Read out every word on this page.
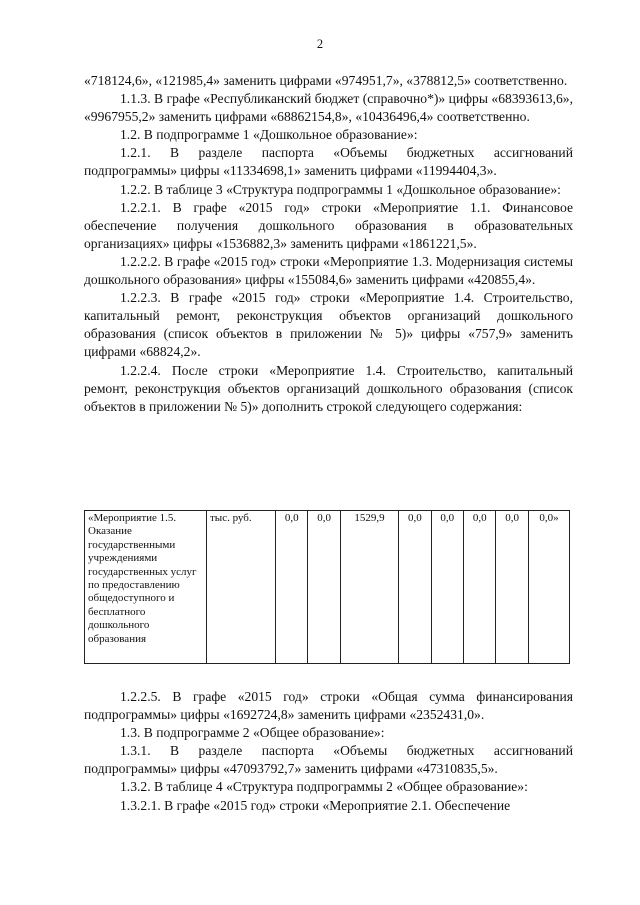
2

«718124,6», «121985,4» заменить цифрами «974951,7», «378812,5» соответственно.

1.1.3. В графе «Республиканский бюджет (справочно*)» цифры «68393613,6», «9967955,2» заменить цифрами «68862154,8», «10436496,4» соответственно.

1.2. В подпрограмме 1 «Дошкольное образование»:

1.2.1. В разделе паспорта «Объемы бюджетных ассигнований подпрограммы» цифры «11334698,1» заменить цифрами «11994404,3».

1.2.2. В таблице 3 «Структура подпрограммы 1 «Дошкольное образование»:

1.2.2.1. В графе «2015 год» строки «Мероприятие 1.1. Финансовое обеспечение получения дошкольного образования в образовательных организациях» цифры «1536882,3» заменить цифрами «1861221,5».

1.2.2.2. В графе «2015 год» строки «Мероприятие 1.3. Модернизация системы дошкольного образования» цифры «155084,6» заменить цифрами «420855,4».

1.2.2.3. В графе «2015 год» строки «Мероприятие 1.4. Строительство, капитальный ремонт, реконструкция объектов организаций дошкольного образования (список объектов в приложении № 5)» цифры «757,9» заменить цифрами «68824,2».

1.2.2.4. После строки «Мероприятие 1.4. Строительство, капитальный ремонт, реконструкция объектов организаций дошкольного образования (список объектов в приложении № 5)» дополнить строкой следующего содержания:

«Мероприятие 1.5. Оказание государственными учреждениями государственных услуг по предоставлению общедоступного и бесплатного дошкольного образования	тыс. руб.	0,0	0,0	1529,9	0,0	0,0	0,0	0,0	0,0»

1.2.2.5. В графе «2015 год» строки «Общая сумма финансирования подпрограммы» цифры «1692724,8» заменить цифрами «2352431,0».

1.3. В подпрограмме 2 «Общее образование»:

1.3.1. В разделе паспорта «Объемы бюджетных ассигнований подпрограммы» цифры «47093792,7» заменить цифрами «47310835,5».

1.3.2. В таблице 4 «Структура подпрограммы 2 «Общее образование»:

1.3.2.1. В графе «2015 год» строки «Мероприятие 2.1. Обеспечение
